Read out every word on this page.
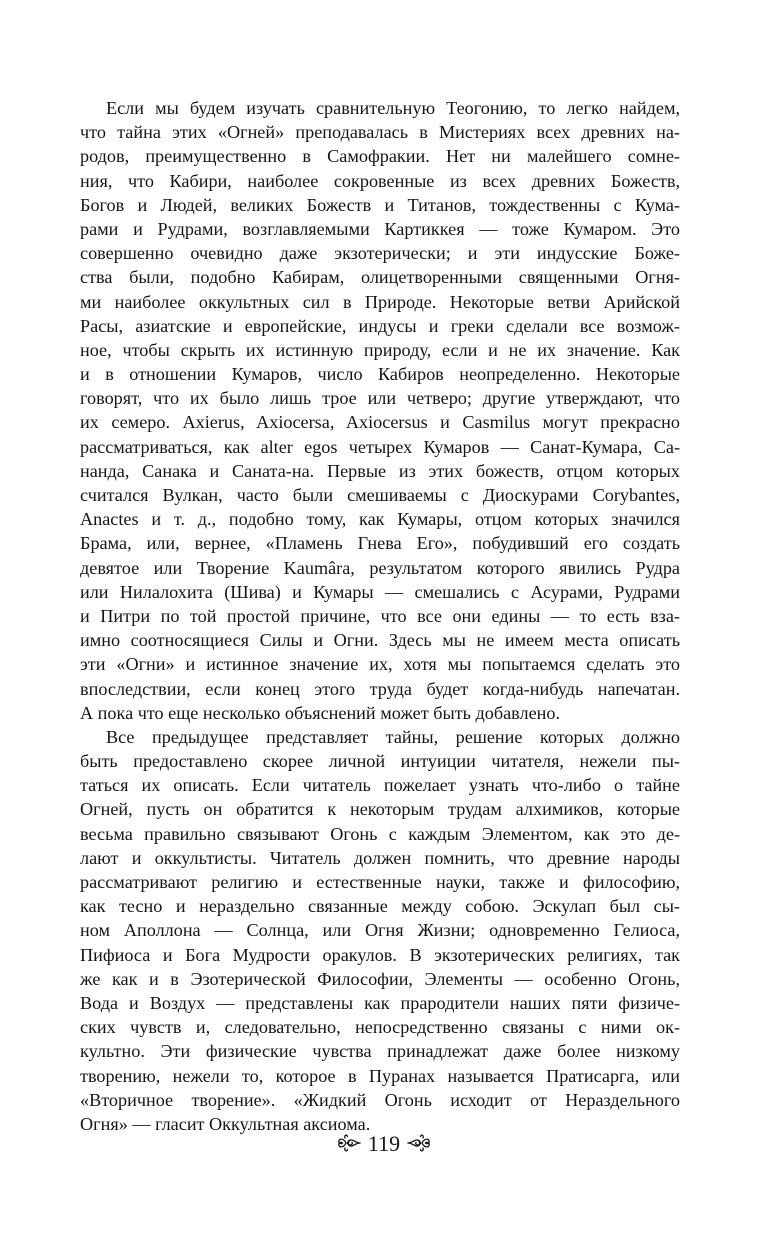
Если мы будем изучать сравнительную Теогонию, то легко найдем,
что тайна этих «Огней» преподавалась в Мистериях всех древних на-
родов, преимущественно в Самофракии. Нет ни малейшего сомне-
ния, что Кабири, наиболее сокровенные из всех древних Божеств,
Богов и Людей, великих Божеств и Титанов, тождественны с Кума-
рами и Рудрами, возглавляемыми Картиккея — тоже Кумаром. Это
совершенно очевидно даже экзотерически; и эти индусские Боже-
ства были, подобно Кабирам, олицетворенными священными Огня-
ми наиболее оккультных сил в Природе. Некоторые ветви Арийской
Расы, азиатские и европейские, индусы и греки сделали все возмож-
ное, чтобы скрыть их истинную природу, если и не их значение. Как
и в отношении Кумаров, число Кабиров неопределенно. Некоторые
говорят, что их было лишь трое или четверо; другие утверждают, что
их семеро. Axierus, Axiocersa, Axiocersus и Casmilus могут прекрасно
рассматриваться, как alter egos четырех Кумаров — Санат-Кумара, Са-
нанда, Санака и Саната-на. Первые из этих божеств, отцом которых
считался Вулкан, часто были смешиваемы с Диоскурами Corybantes,
Anactes и т. д., подобно тому, как Кумары, отцом которых значился
Брама, или, вернее, «Пламень Гнева Его», побудивший его создать
девятое или Творение Kaumâra, результатом которого явились Рудра
или Нилалохита (Шива) и Кумары — смешались с Асурами, Рудрами
и Питри по той простой причине, что все они едины — то есть вза-
имно соотносящиеся Силы и Огни. Здесь мы не имеем места описать
эти «Огни» и истинное значение их, хотя мы попытаемся сделать это
впоследствии, если конец этого труда будет когда-нибудь напечатан.
А пока что еще несколько объяснений может быть добавлено.
Все предыдущее представляет тайны, решение которых должно
быть предоставлено скорее личной интуиции читателя, нежели пы-
таться их описать. Если читатель пожелает узнать что-либо о тайне
Огней, пусть он обратится к некоторым трудам алхимиков, которые
весьма правильно связывают Огонь с каждым Элементом, как это де-
лают и оккультисты. Читатель должен помнить, что древние народы
рассматривают религию и естественные науки, также и философию,
как тесно и нераздельно связанные между собою. Эскулап был сы-
ном Аполлона — Солнца, или Огня Жизни; одновременно Гелиоса,
Пифиоса и Бога Мудрости оракулов. В экзотерических религиях, так
же как и в Эзотерической Философии, Элементы — особенно Огонь,
Вода и Воздух — представлены как прародители наших пяти физиче-
ских чувств и, следовательно, непосредственно связаны с ними ок-
культно. Эти физические чувства принадлежат даже более низкому
творению, нежели то, которое в Пуранах называется Пратисарга, или
«Вторичное творение». «Жидкий Огонь исходит от Нераздельного
Огня» — гласит Оккультная аксиома.
119
